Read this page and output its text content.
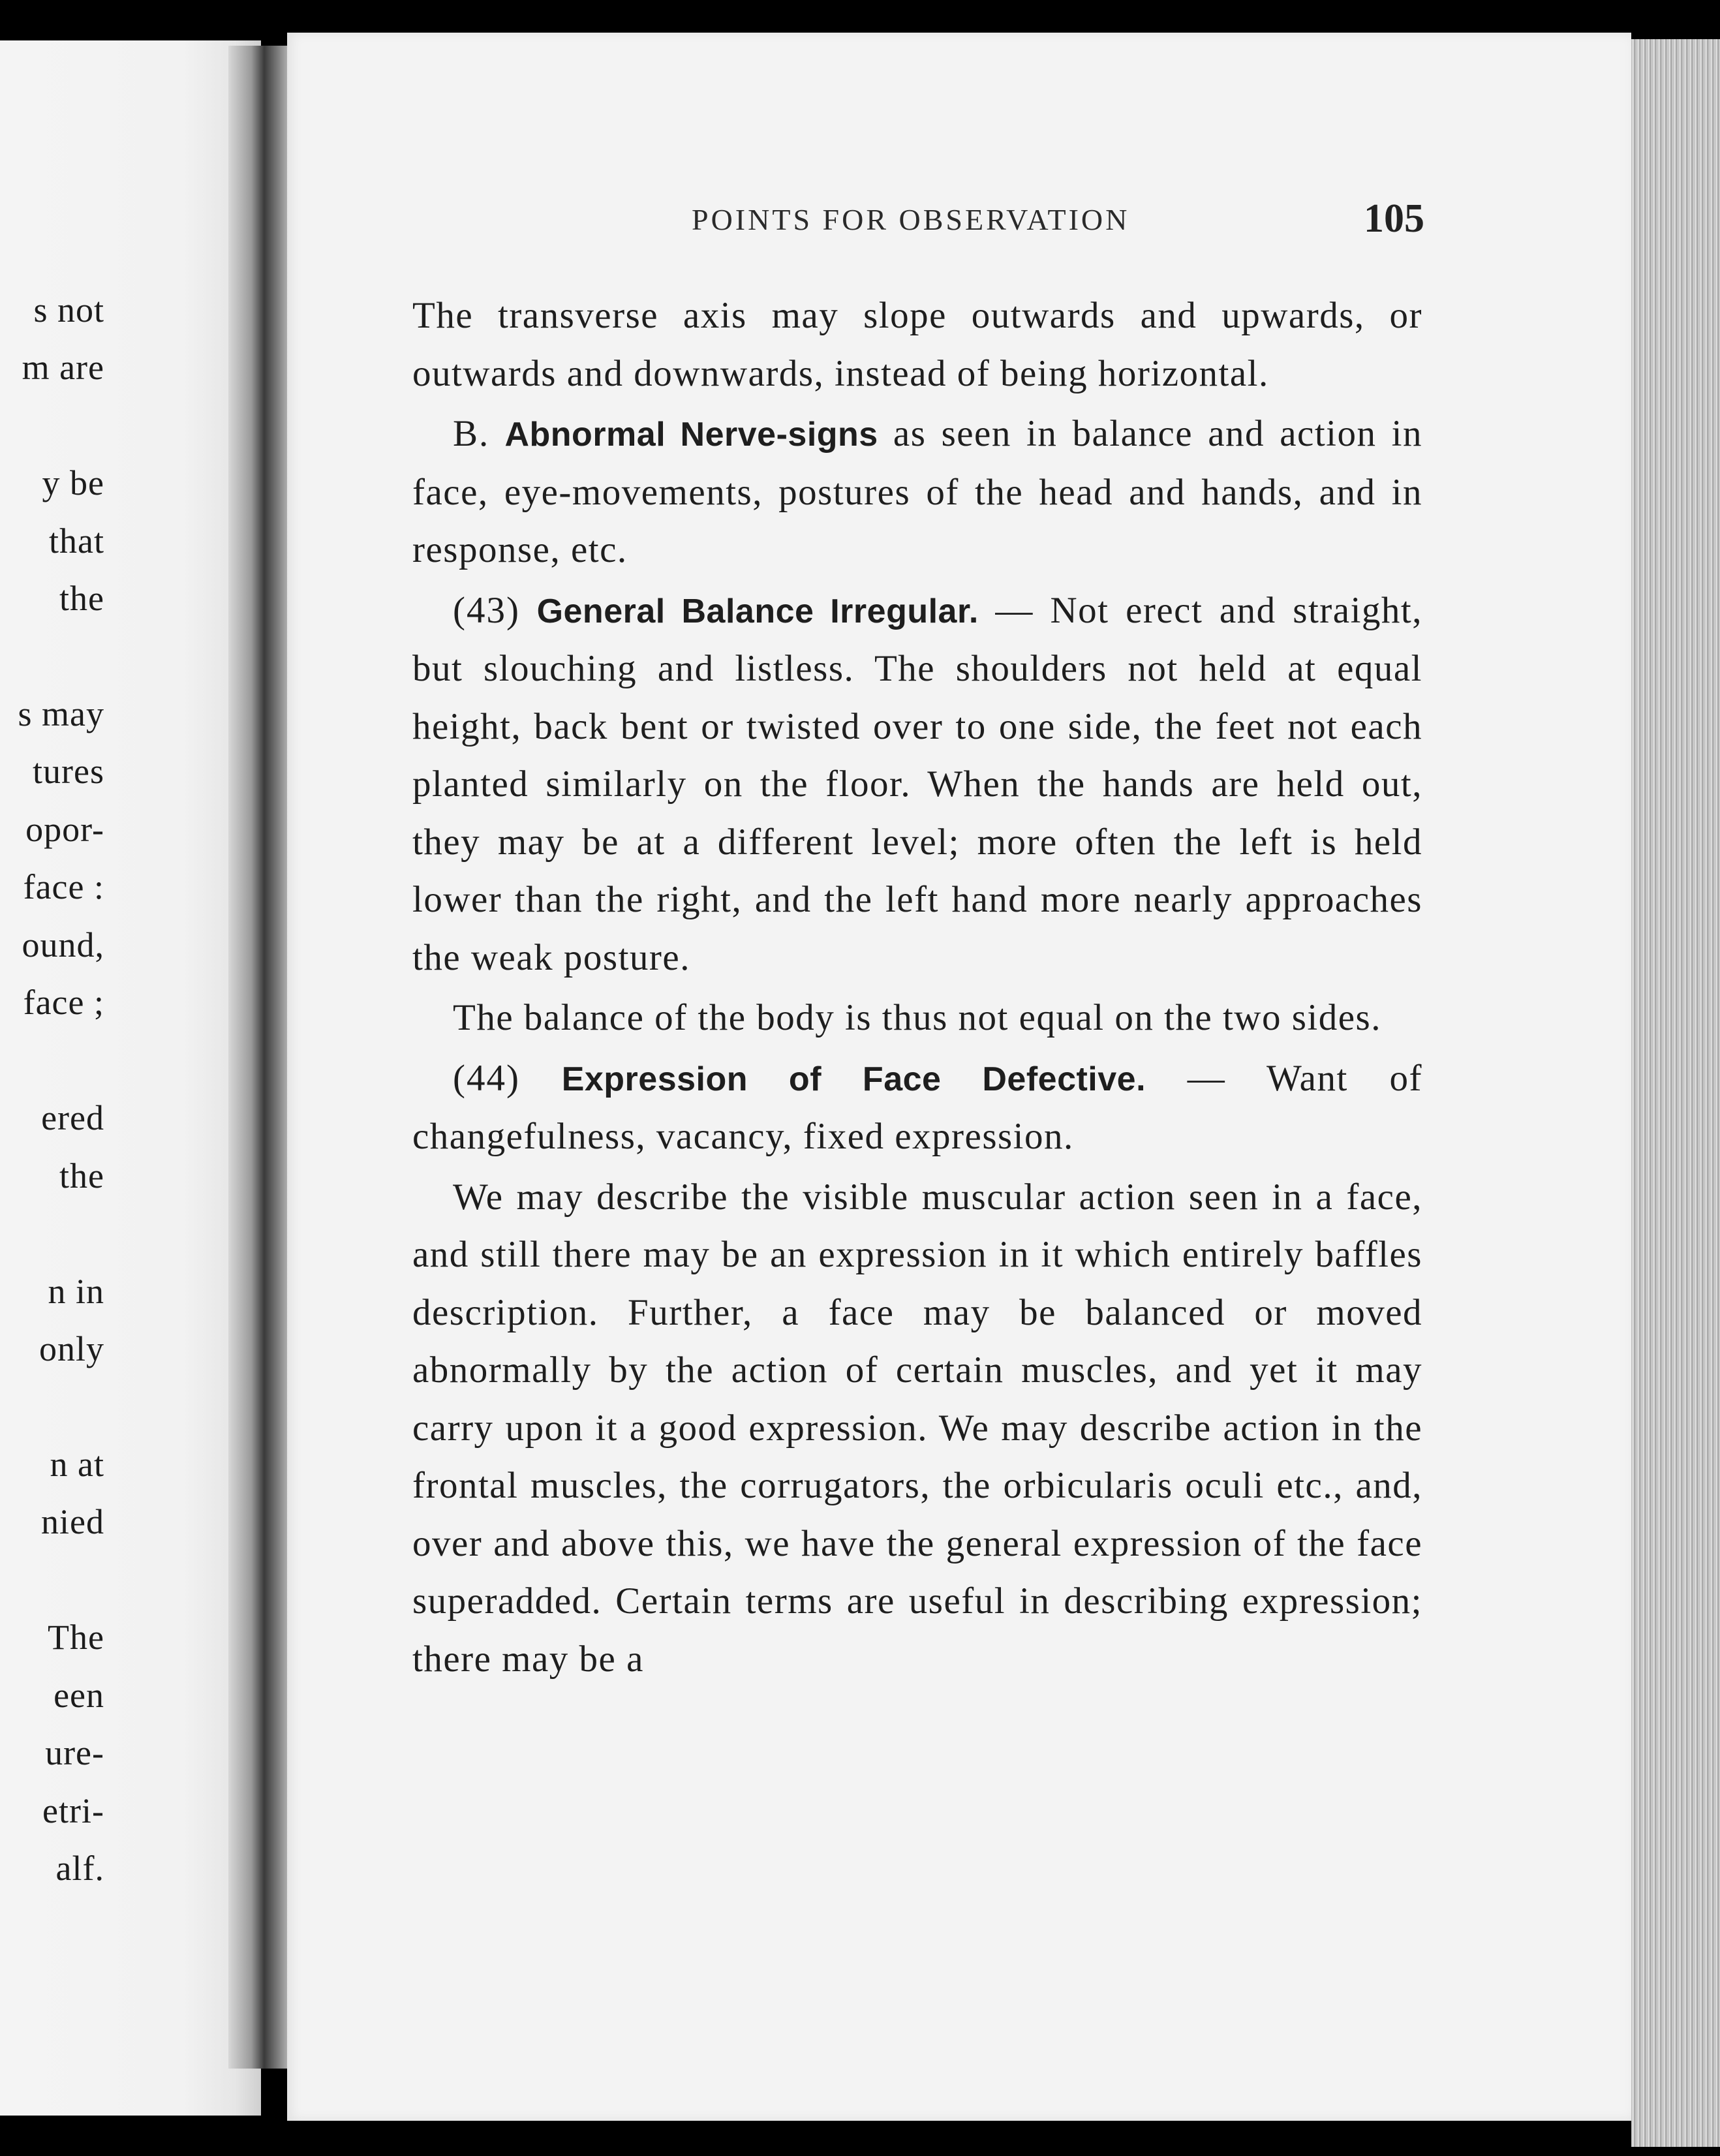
s not
m are
y be
that
the
s may
tures
opor-
face :
ound,
face ;
ered
the
n in
only
n at
nied
The
een
ure-
etri-
alf.
POINTS FOR OBSERVATION	105

The transverse axis may slope outwards and upwards, or outwards and downwards, instead of being horizontal.

B. Abnormal Nerve-signs as seen in balance and action in face, eye-movements, postures of the head and hands, and in response, etc.

(43) General Balance Irregular. — Not erect and straight, but slouching and listless. The shoulders not held at equal height, back bent or twisted over to one side, the feet not each planted similarly on the floor. When the hands are held out, they may be at a different level; more often the left is held lower than the right, and the left hand more nearly approaches the weak posture.

The balance of the body is thus not equal on the two sides.

(44) Expression of Face Defective. — Want of changefulness, vacancy, fixed expression.

We may describe the visible muscular action seen in a face, and still there may be an expression in it which entirely baffles description. Further, a face may be balanced or moved abnormally by the action of certain muscles, and yet it may carry upon it a good expression. We may describe action in the frontal muscles, the corrugators, the orbicularis oculi etc., and, over and above this, we have the general expression of the face superadded. Certain terms are useful in describing expression; there may be a
